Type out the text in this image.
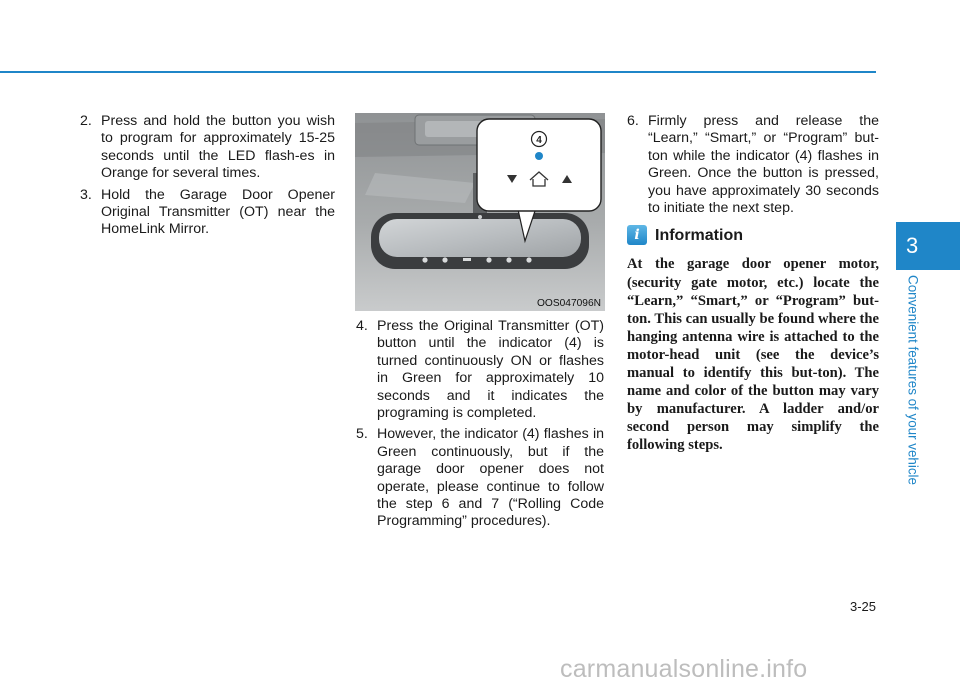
2. Press and hold the button you wish to program for approximately 15-25 seconds until the LED flash-es in Orange for several times.
3. Hold the Garage Door Opener Original Transmitter (OT) near the HomeLink Mirror.
4
OOS047096N
4. Press the Original Transmitter (OT) button until the indicator (4) is turned continuously ON or flashes in Green for approximately 10 seconds and it indicates the programing is completed.
5. However, the indicator (4) flashes in Green continuously, but if the garage door opener does not operate, please continue to follow the step 6 and 7 (“Rolling Code Programming” procedures).
6. Firmly press and release the “Learn,” “Smart,” or “Program” but-ton while the indicator (4) flashes in Green. Once the button is pressed, you have approximately 30 seconds to initiate the next step.
i Information
At the garage door opener motor, (security gate motor, etc.) locate the “Learn,” “Smart,” or “Program” but-ton. This can usually be found where the hanging antenna wire is attached to the motor-head unit (see the device’s manual to identify this but-ton). The name and color of the button may vary by manufacturer. A ladder and/or second person may simplify the following steps.
3
Convenient features of your vehicle
3-25
carmanualsonline.info
